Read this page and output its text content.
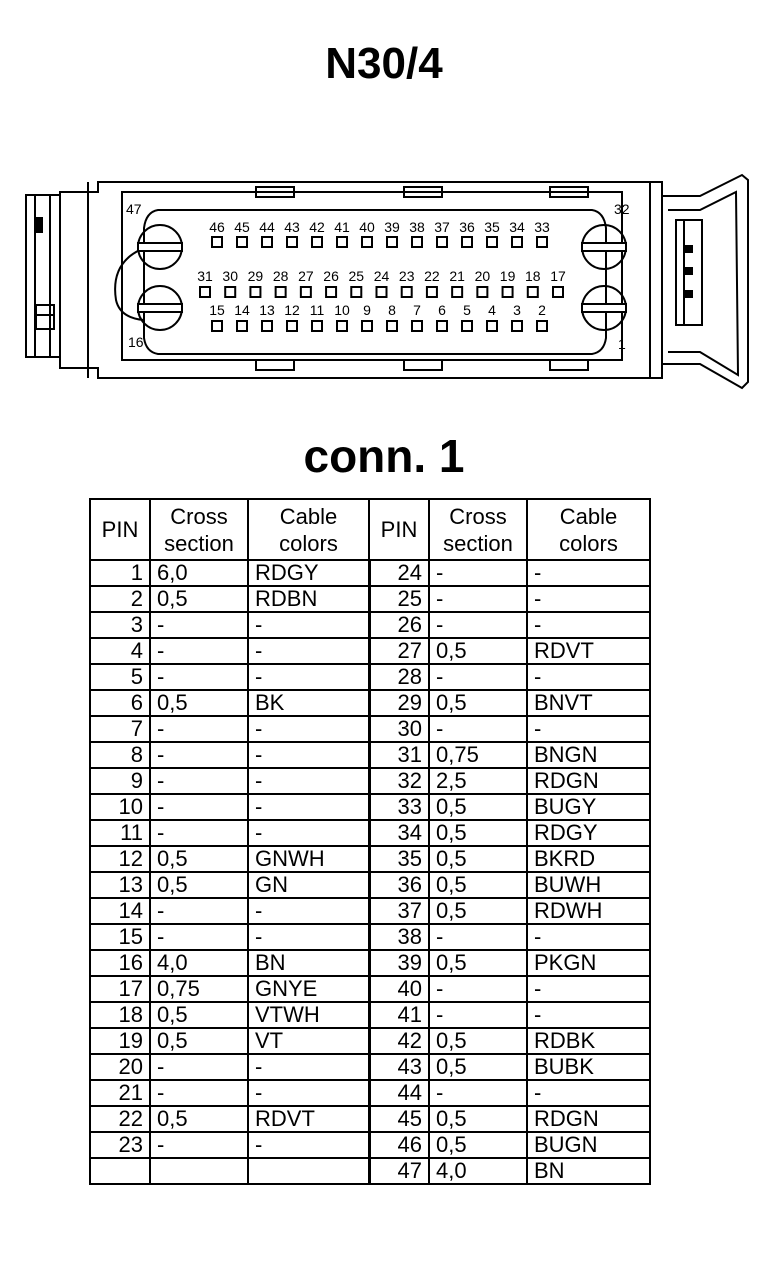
N30/4
46 45 44 43 42 41 40 39 38 37 36 35 34 33
31 30 29 28 27 26 25 24 23 22 21 20 19 18 17
15 14 13 12 11 10 9 8 7 6 5 4 3 2
47	32
16	1
conn. 1
PIN	Cross section	Cable colors	PIN	Cross section	Cable colors
1	6,0	RDGY	24	-	-
2	0,5	RDBN	25	-	-
3	-	-	26	-	-
4	-	-	27	0,5	RDVT
5	-	-	28	-	-
6	0,5	BK	29	0,5	BNVT
7	-	-	30	-	-
8	-	-	31	0,75	BNGN
9	-	-	32	2,5	RDGN
10	-	-	33	0,5	BUGY
11	-	-	34	0,5	RDGY
12	0,5	GNWH	35	0,5	BKRD
13	0,5	GN	36	0,5	BUWH
14	-	-	37	0,5	RDWH
15	-	-	38	-	-
16	4,0	BN	39	0,5	PKGN
17	0,75	GNYE	40	-	-
18	0,5	VTWH	41	-	-
19	0,5	VT	42	0,5	RDBK
20	-	-	43	0,5	BUBK
21	-	-	44	-	-
22	0,5	RDVT	45	0,5	RDGN
23	-	-	46	0,5	BUGN
			47	4,0	BN
